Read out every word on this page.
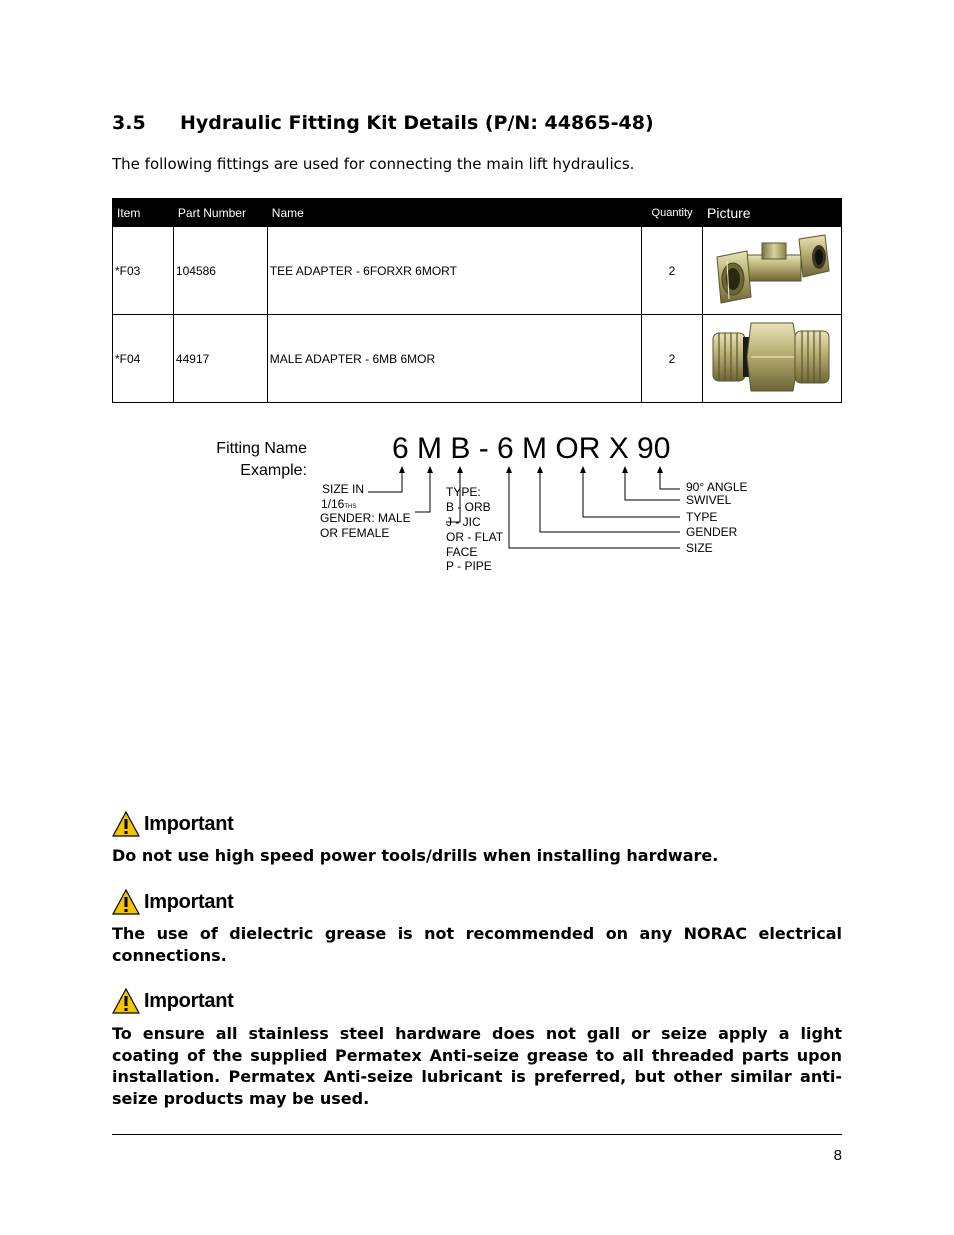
3.5 Hydraulic Fitting Kit Details (P/N: 44865-48)
The following fittings are used for connecting the main lift hydraulics.
Item	Part Number	Name	Quantity	Picture
*F03	104586	TEE ADAPTER - 6FORXR 6MORT	2	
*F04	44917	MALE ADAPTER - 6MB 6MOR	2	
Fitting Name
Example:
6 M B - 6 M OR X 90
SIZE IN
1/16THS
GENDER: MALE
OR FEMALE
TYPE:
B - ORB
J - JIC
OR - FLAT
FACE
P - PIPE
90° ANGLE
SWIVEL
TYPE
GENDER
SIZE
Important
Do not use high speed power tools/drills when installing hardware.
Important
The use of dielectric grease is not recommended on any NORAC electrical connections.
Important
To ensure all stainless steel hardware does not gall or seize apply a light coating of the supplied Permatex Anti-seize grease to all threaded parts upon installation. Permatex Anti-seize lubricant is preferred, but other similar anti-seize products may be used.
8
